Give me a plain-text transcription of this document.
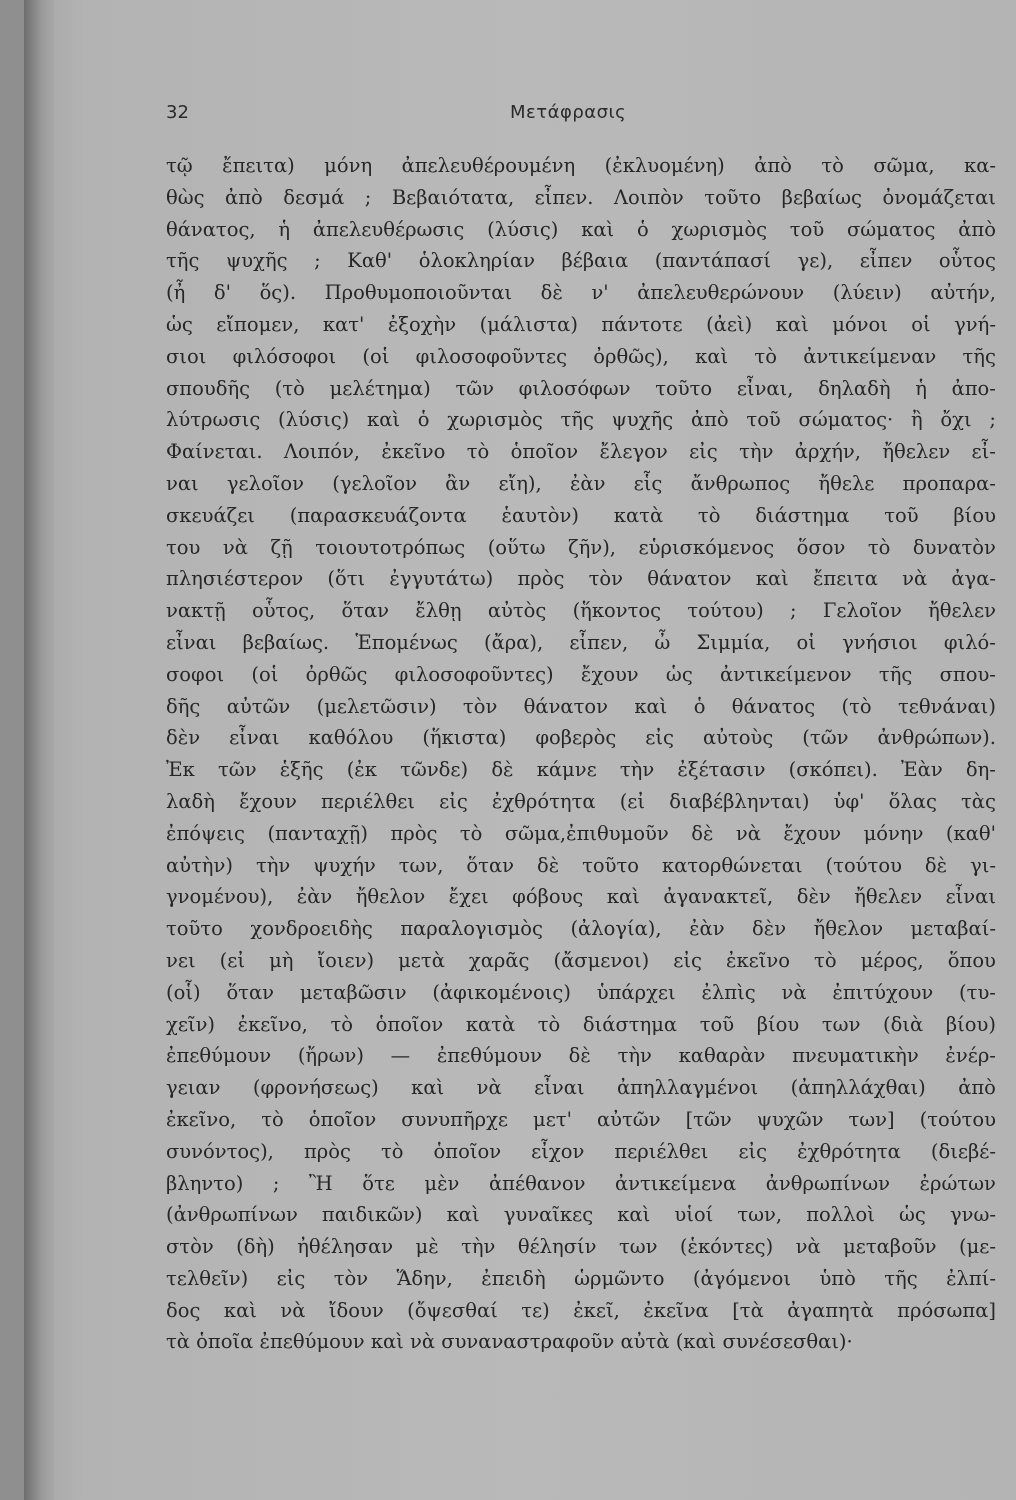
32	Μετάφρασις
τῷ ἔπειτα) μόνη ἀπελευθέρουμένη (ἐκλυομένη) ἀπὸ τὸ σῶμα, κα-
θὼς ἀπὸ δεσμά ; Βεβαιότατα, εἶπεν. Λοιπὸν τοῦτο βεβαίως ὀνομάζεται
θάνατος, ἡ ἀπελευθέρωσις (λύσις) καὶ ὁ χωρισμὸς τοῦ σώματος ἀπὸ
τῆς ψυχῆς ; Καθ' ὁλοκληρίαν βέβαια (παντάπασί γε), εἶπεν οὗτος
(ἦ δ' ὅς). Προθυμοποιοῦνται δὲ ν' ἀπελευθερώνουν (λύειν) αὐτήν,
ὡς εἴπομεν, κατ' ἐξοχὴν (μάλιστα) πάντοτε (ἀεὶ) καὶ μόνοι οἱ γνή-
σιοι φιλόσοφοι (οἱ φιλοσοφοῦντες ὀρθῶς), καὶ τὸ ἀντικείμεναν τῆς
σπουδῆς (τὸ μελέτημα) τῶν φιλοσόφων τοῦτο εἶναι, δηλαδὴ ἡ ἀπο-
λύτρωσις (λύσις) καὶ ὁ χωρισμὸς τῆς ψυχῆς ἀπὸ τοῦ σώματος· ἢ ὄχι ;
Φαίνεται. Λοιπόν, ἐκεῖνο τὸ ὁποῖον ἔλεγον εἰς τὴν ἀρχήν, ἤθελεν εἶ-
ναι γελοῖον (γελοῖον ἂν εἴη), ἐὰν εἷς ἄνθρωπος ἤθελε προπαρα-
σκευάζει (παρασκευάζοντα ἑαυτὸν) κατὰ τὸ διάστημα τοῦ βίου
του νὰ ζῇ τοιουτοτρόπως (οὕτω ζῆν), εὑρισκόμενος ὅσον τὸ δυνατὸν
πλησιέστερον (ὅτι ἐγγυτάτω) πρὸς τὸν θάνατον καὶ ἔπειτα νὰ ἀγα-
νακτῇ οὗτος, ὅταν ἔλθῃ αὐτὸς (ἥκοντος τούτου) ; Γελοῖον ἤθελεν
εἶναι βεβαίως. Ἑπομένως (ἄρα), εἶπεν, ὦ Σιμμία, οἱ γνήσιοι φιλό-
σοφοι (οἱ ὀρθῶς φιλοσοφοῦντες) ἔχουν ὡς ἀντικείμενον τῆς σπου-
δῆς αὐτῶν (μελετῶσιν) τὸν θάνατον καὶ ὁ θάνατος (τὸ τεθνάναι)
δὲν εἶναι καθόλου (ἥκιστα) φοβερὸς εἰς αὐτοὺς (τῶν ἀνθρώπων).
Ἐκ τῶν ἑξῆς (ἐκ τῶνδε) δὲ κάμνε τὴν ἐξέτασιν (σκόπει). Ἐὰν δη-
λαδὴ ἔχουν περιέλθει εἰς ἐχθρότητα (εἰ διαβέβληνται) ὑφ' ὅλας τὰς
ἐπόψεις (πανταχῇ) πρὸς τὸ σῶμα,ἐπιθυμοῦν δὲ νὰ ἔχουν μόνην (καθ'
αὐτὴν) τὴν ψυχήν των, ὅταν δὲ τοῦτο κατορθώνεται (τούτου δὲ γι-
γνομένου), ἐὰν ἤθελον ἔχει φόβους καὶ ἀγανακτεῖ, δὲν ἤθελεν εἶναι
τοῦτο χονδροειδὴς παραλογισμὸς (ἀλογία), ἐὰν δὲν ἤθελον μεταβαί-
νει (εἰ μὴ ἴοιεν) μετὰ χαρᾶς (ἄσμενοι) εἰς ἐκεῖνο τὸ μέρος, ὅπου
(οἷ) ὅταν μεταβῶσιν (ἀφικομένοις) ὑπάρχει ἐλπὶς νὰ ἐπιτύχουν (τυ-
χεῖν) ἐκεῖνο, τὸ ὁποῖον κατὰ τὸ διάστημα τοῦ βίου των (διὰ βίου)
ἐπεθύμουν (ἤρων) — ἐπεθύμουν δὲ τὴν καθαρὰν πνευματικὴν ἐνέρ-
γειαν (φρονήσεως) καὶ νὰ εἶναι ἀπηλλαγμένοι (ἀπηλλάχθαι) ἀπὸ
ἐκεῖνο, τὸ ὁποῖον συνυπῆρχε μετ' αὐτῶν [τῶν ψυχῶν των] (τούτου
συνόντος), πρὸς τὸ ὁποῖον εἶχον περιέλθει εἰς ἐχθρότητα (διεβέ-
βληντο) ; Ἢ ὅτε μὲν ἀπέθανον ἀντικείμενα ἀνθρωπίνων ἐρώτων
(ἀνθρωπίνων παιδικῶν) καὶ γυναῖκες καὶ υἱοί των, πολλοὶ ὡς γνω-
στὸν (δὴ) ἠθέλησαν μὲ τὴν θέλησίν των (ἑκόντες) νὰ μεταβοῦν (με-
τελθεῖν) εἰς τὸν Ἅδην, ἐπειδὴ ὡρμῶντο (ἀγόμενοι ὑπὸ τῆς ἐλπί-
δος καὶ νὰ ἴδουν (ὄψεσθαί τε) ἐκεῖ, ἐκεῖνα [τὰ ἀγαπητὰ πρόσωπα]
τὰ
ὁποῖα
ἐπεθύμουν
καὶ
νὰ
συναναστραφοῦν
αὐτὰ
(καὶ
συνέσεσθαι)·
